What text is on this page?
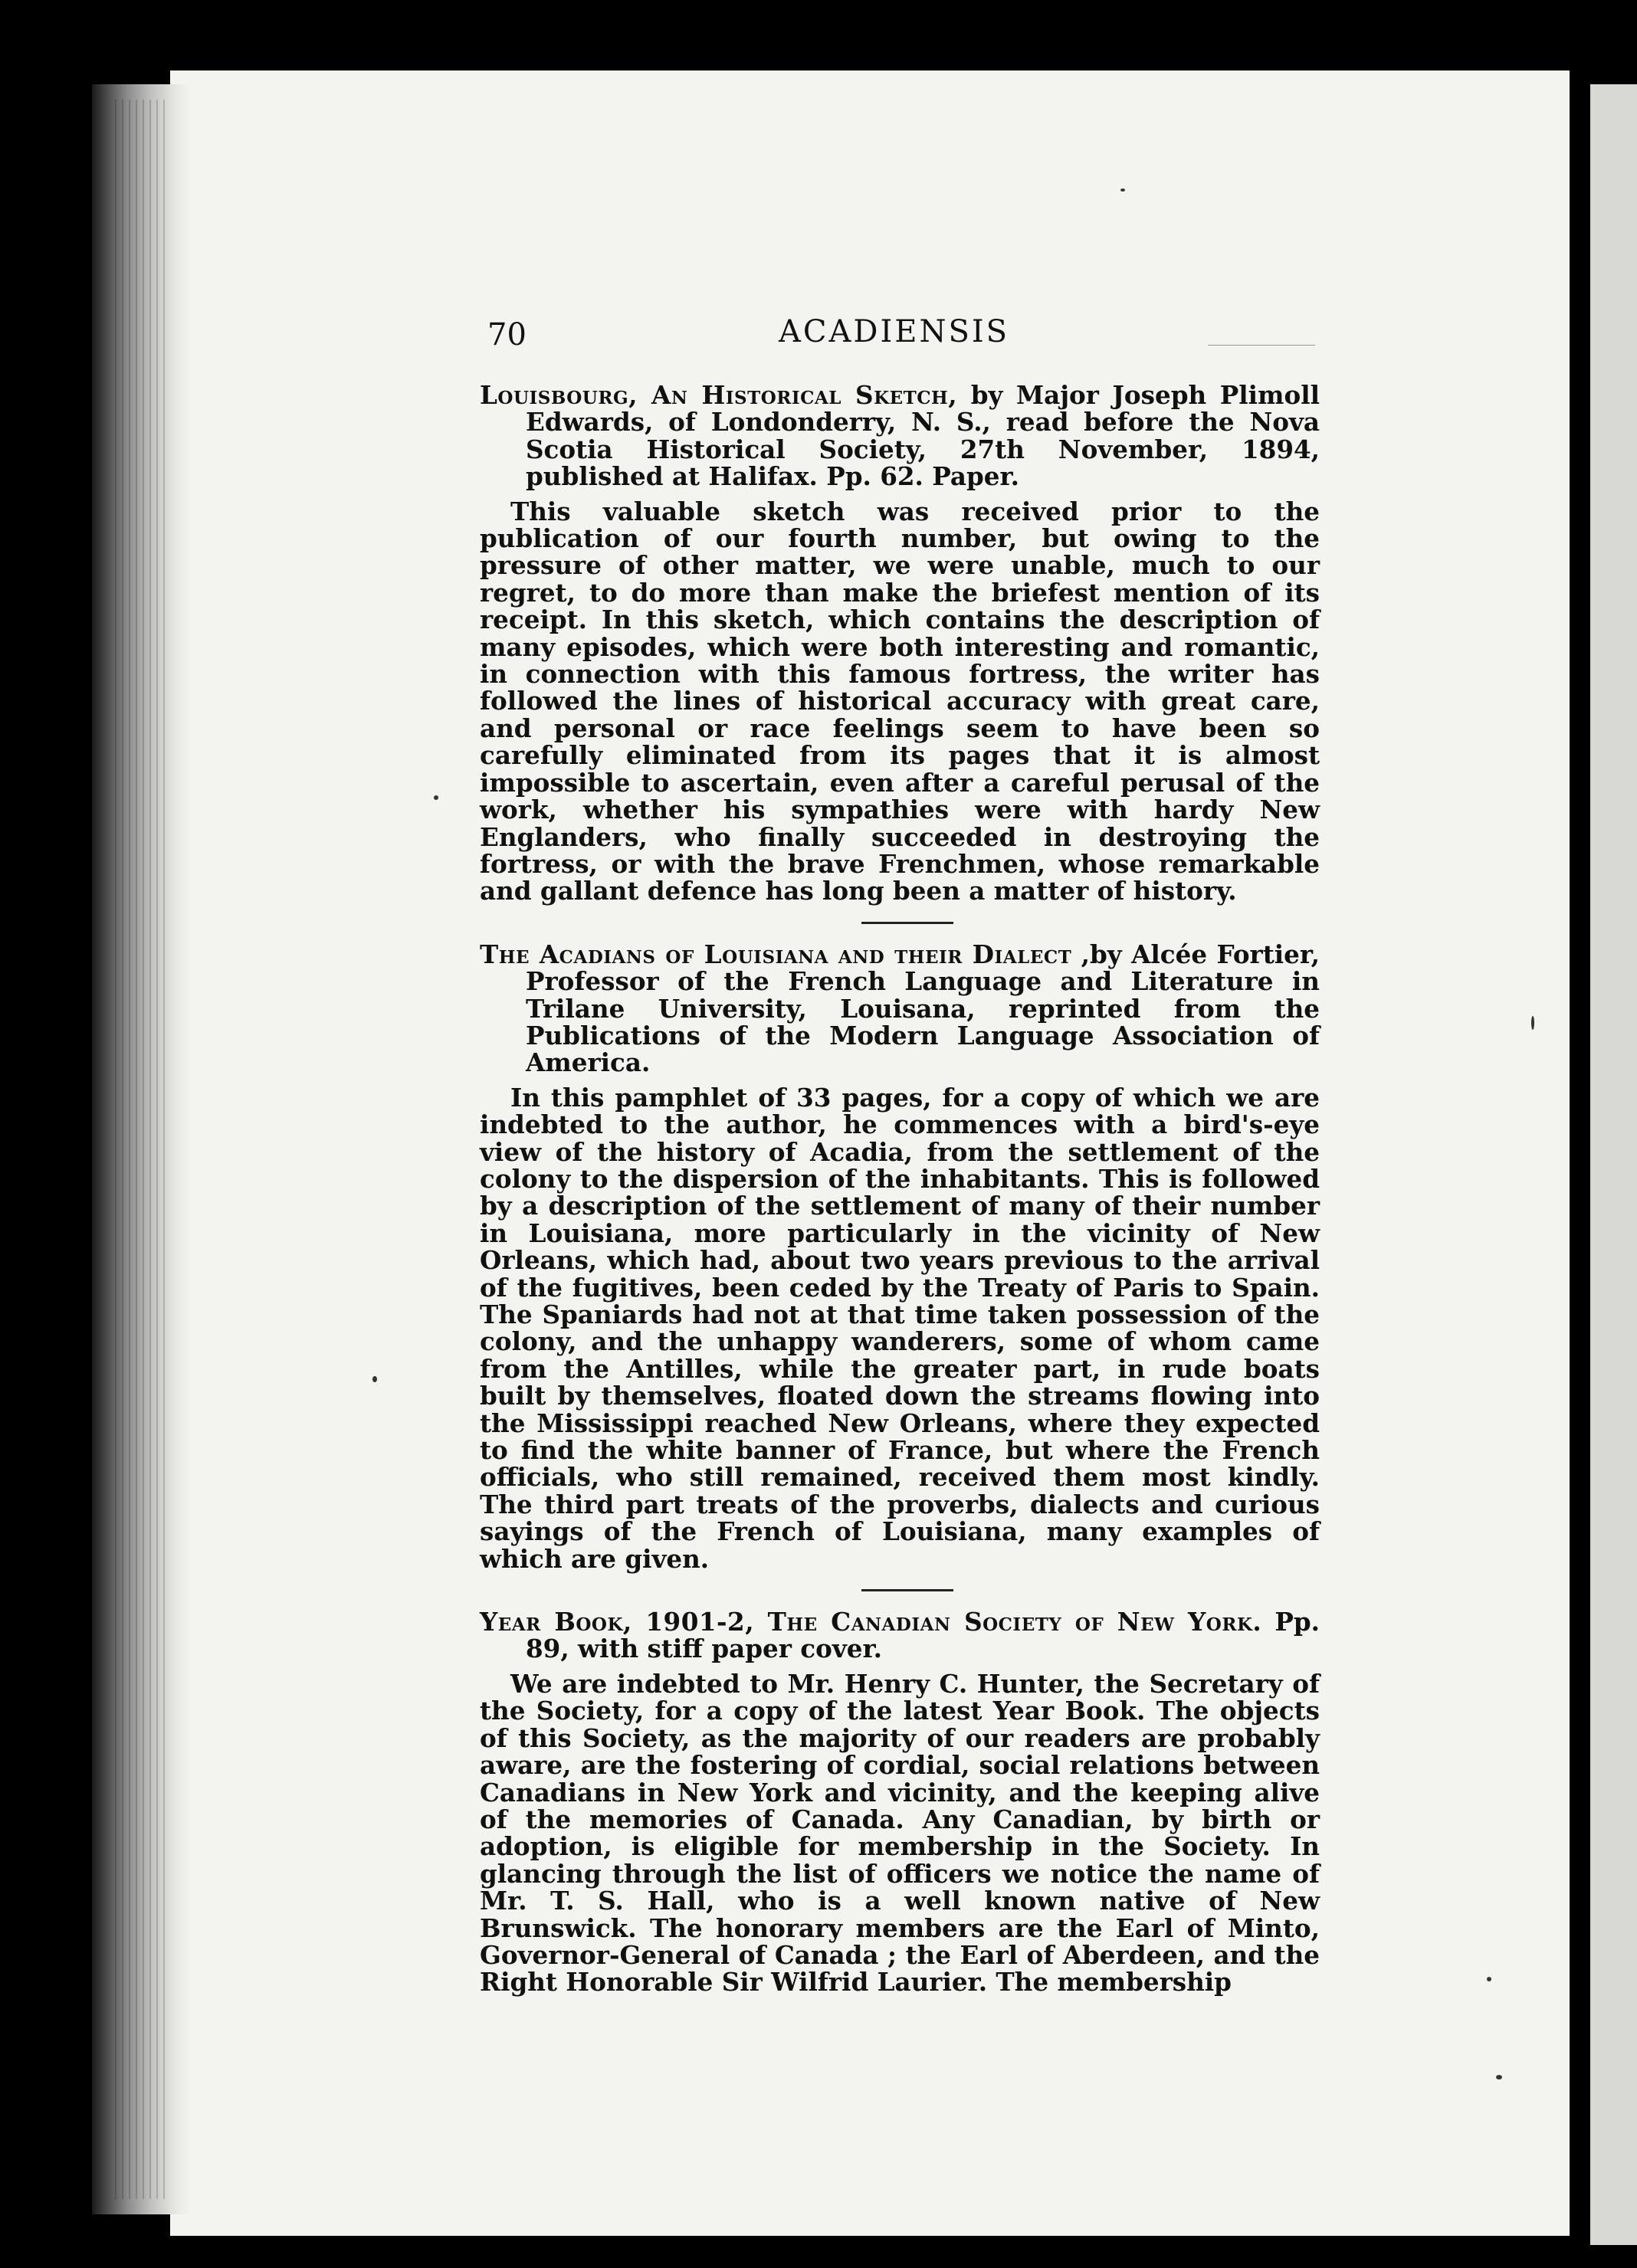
70	ACADIENSIS

Louisbourg, An Historical Sketch, by Major Joseph Plimoll Edwards, of Londonderry, N. S., read before the Nova Scotia Historical Society, 27th November, 1894, published at Halifax. Pp. 62. Paper.

This valuable sketch was received prior to the publication of our fourth number, but owing to the pressure of other matter, we were unable, much to our regret, to do more than make the briefest mention of its receipt. In this sketch, which contains the description of many episodes, which were both interesting and romantic, in connection with this famous fortress, the writer has followed the lines of historical accuracy with great care, and personal or race feelings seem to have been so carefully eliminated from its pages that it is almost impossible to ascertain, even after a careful perusal of the work, whether his sympathies were with hardy New Englanders, who finally succeeded in destroying the fortress, or with the brave Frenchmen, whose remarkable and gallant defence has long been a matter of history.

The Acadians of Louisiana and their Dialect ,by Alcée Fortier, Professor of the French Language and Literature in Trilane University, Louisana, reprinted from the Publications of the Modern Language Association of America.

In this pamphlet of 33 pages, for a copy of which we are indebted to the author, he commences with a bird's-eye view of the history of Acadia, from the settlement of the colony to the dispersion of the inhabitants. This is followed by a description of the settlement of many of their number in Louisiana, more particularly in the vicinity of New Orleans, which had, about two years previous to the arrival of the fugitives, been ceded by the Treaty of Paris to Spain. The Spaniards had not at that time taken possession of the colony, and the unhappy wanderers, some of whom came from the Antilles, while the greater part, in rude boats built by themselves, floated down the streams flowing into the Mississippi reached New Orleans, where they expected to find the white banner of France, but where the French officials, who still remained, received them most kindly. The third part treats of the proverbs, dialects and curious sayings of the French of Louisiana, many examples of which are given.

Year Book, 1901-2, The Canadian Society of New York. Pp. 89, with stiff paper cover.

We are indebted to Mr. Henry C. Hunter, the Secretary of the Society, for a copy of the latest Year Book. The objects of this Society, as the majority of our readers are probably aware, are the fostering of cordial, social relations between Canadians in New York and vicinity, and the keeping alive of the memories of Canada. Any Canadian, by birth or adoption, is eligible for membership in the Society. In glancing through the list of officers we notice the name of Mr. T. S. Hall, who is a well known native of New Brunswick. The honorary members are the Earl of Minto, Governor-General of Canada ; the Earl of Aberdeen, and the Right Honorable Sir Wilfrid Laurier. The membership
